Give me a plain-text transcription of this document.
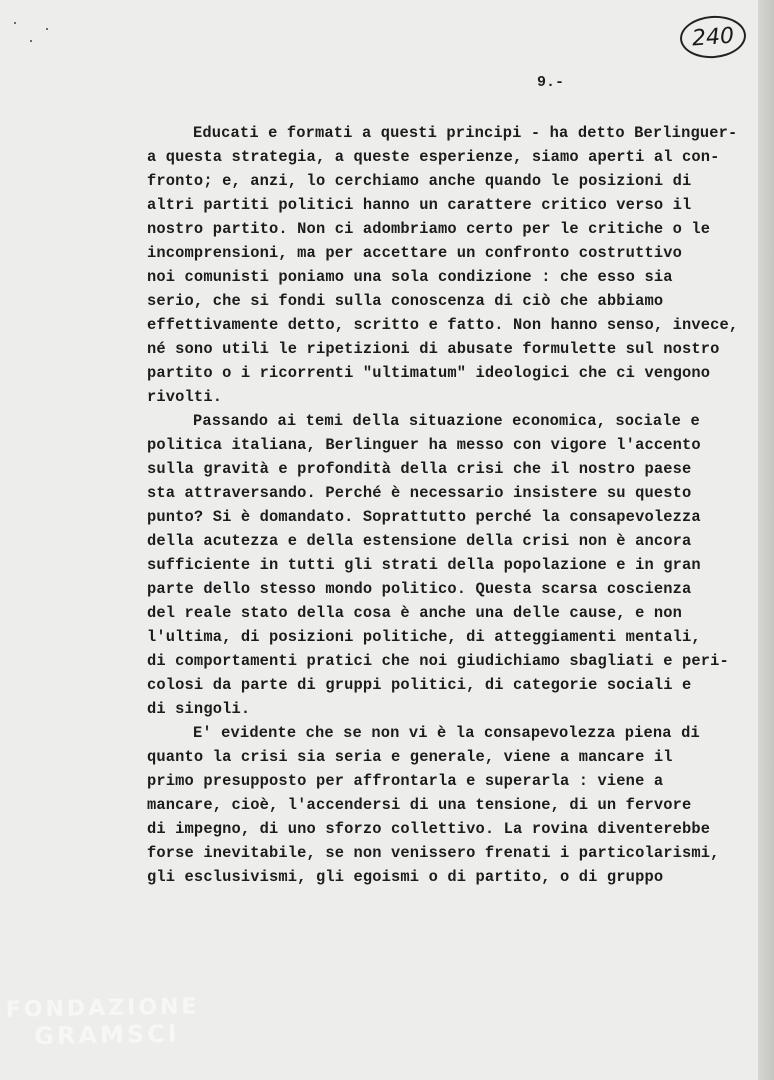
240
9.-
Educati e formati a questi principi - ha detto Berlinguer-
a questa strategia, a queste esperienze, siamo aperti al con-
fronto; e, anzi, lo cerchiamo anche quando le posizioni di
altri partiti politici hanno un carattere critico verso il
nostro partito. Non ci adombriamo certo per le critiche o le
incomprensioni, ma per accettare un confronto costruttivo
noi comunisti poniamo una sola condizione : che esso sia
serio, che si fondi sulla conoscenza di ciò che abbiamo
effettivamente detto, scritto e fatto. Non hanno senso, invece,
né sono utili le ripetizioni di abusate formulette sul nostro
partito o i ricorrenti "ultimatum" ideologici che ci vengono
rivolti.
Passando ai temi della situazione economica, sociale e
politica italiana, Berlinguer ha messo con vigore l'accento
sulla gravità e profondità della crisi che il nostro paese
sta attraversando. Perché è necessario insistere su questo
punto? Si è domandato. Soprattutto perché la consapevolezza
della acutezza e della estensione della crisi non è ancora
sufficiente in tutti gli strati della popolazione e in gran
parte dello stesso mondo politico. Questa scarsa coscienza
del reale stato della cosa è anche una delle cause, e non
l'ultima, di posizioni politiche, di atteggiamenti mentali,
di comportamenti pratici che noi giudichiamo sbagliati e peri-
colosi da parte di gruppi politici, di categorie sociali e
di singoli.
E' evidente che se non vi è la consapevolezza piena di
quanto la crisi sia seria e generale, viene a mancare il
primo presupposto per affrontarla e superarla : viene a
mancare, cioè, l'accendersi di una tensione, di un fervore
di impegno, di uno sforzo collettivo. La rovina diventerebbe
forse inevitabile, se non venissero frenati i particolarismi,
gli esclusivismi, gli egoismi o di partito, o di gruppo
FONDAZIONE
GRAMSCI
